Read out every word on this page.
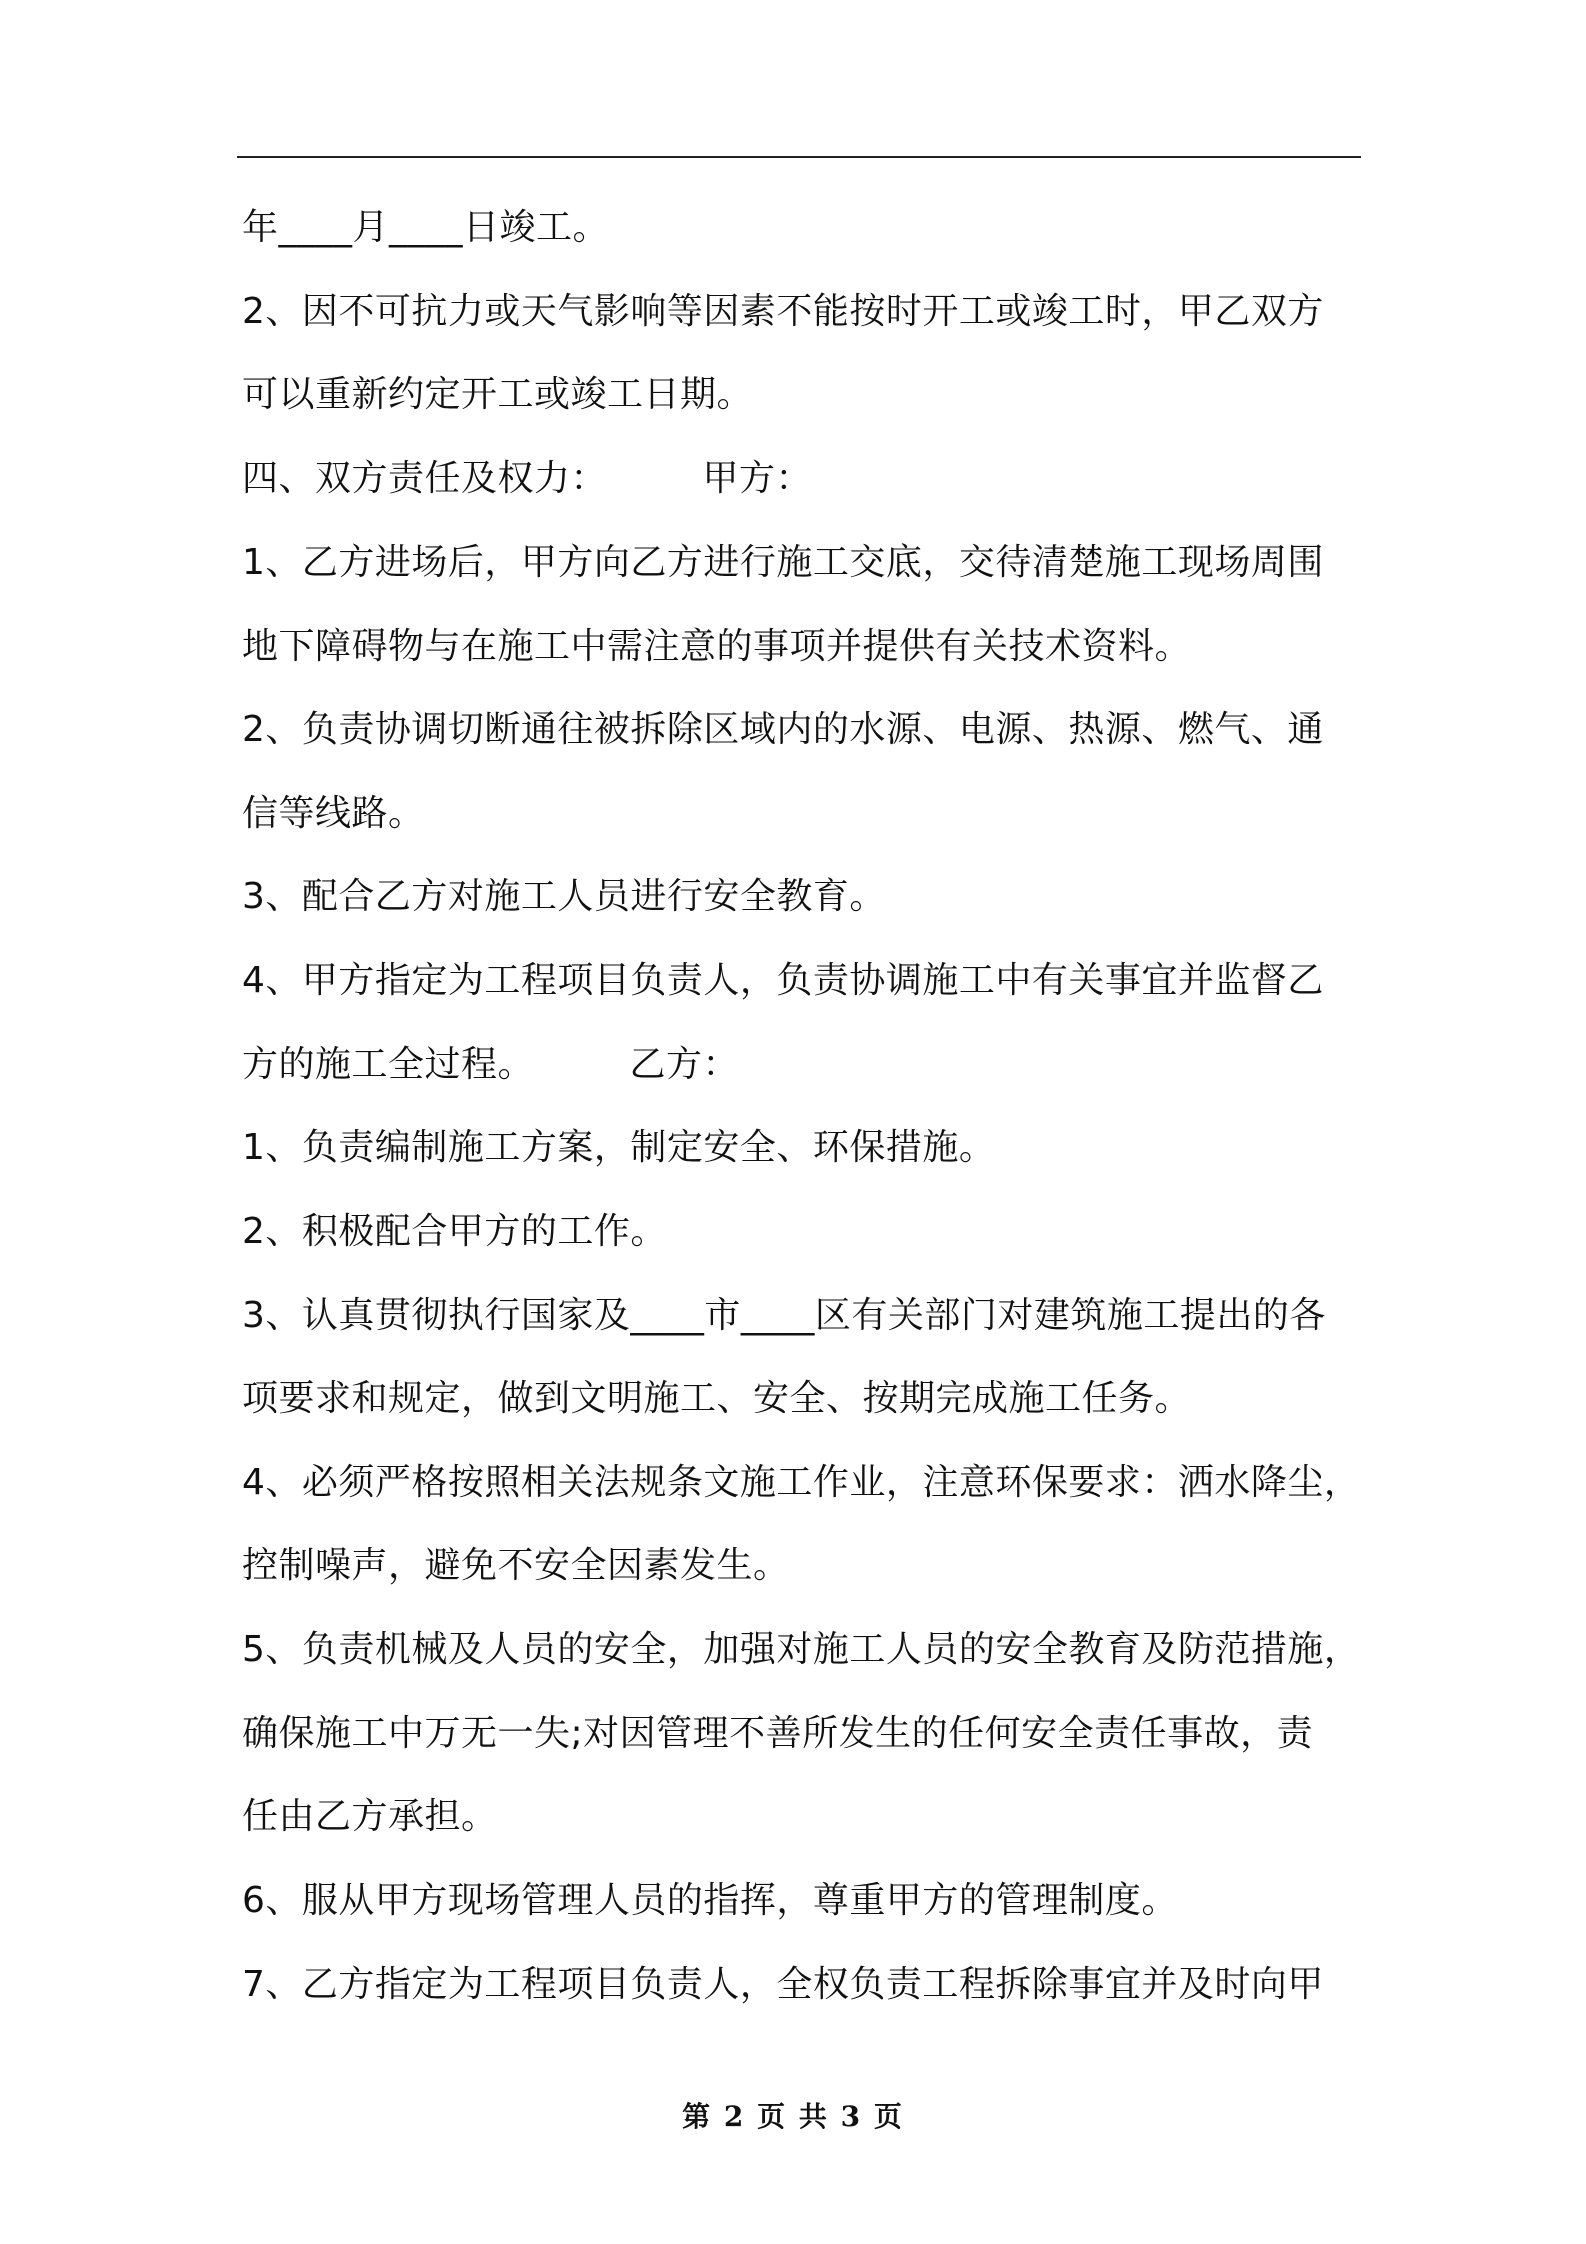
年____月____日竣工。
2、因不可抗力或天气影响等因素不能按时开工或竣工时，甲乙双方
可以重新约定开工或竣工日期。
四、双方责任及权力：        甲方：
1、乙方进场后，甲方向乙方进行施工交底，交待清楚施工现场周围
地下障碍物与在施工中需注意的事项并提供有关技术资料。
2、负责协调切断通往被拆除区域内的水源、电源、热源、燃气、通
信等线路。
3、配合乙方对施工人员进行安全教育。
4、甲方指定为工程项目负责人，负责协调施工中有关事宜并监督乙
方的施工全过程。        乙方：
1、负责编制施工方案，制定安全、环保措施。
2、积极配合甲方的工作。
3、认真贯彻执行国家及____市____区有关部门对建筑施工提出的各
项要求和规定，做到文明施工、安全、按期完成施工任务。
4、必须严格按照相关法规条文施工作业，注意环保要求：洒水降尘，
控制噪声，避免不安全因素发生。
5、负责机械及人员的安全，加强对施工人员的安全教育及防范措施，
确保施工中万无一失;对因管理不善所发生的任何安全责任事故，责
任由乙方承担。
6、服从甲方现场管理人员的指挥，尊重甲方的管理制度。
7、乙方指定为工程项目负责人，全权负责工程拆除事宜并及时向甲
第 2 页 共 3 页
